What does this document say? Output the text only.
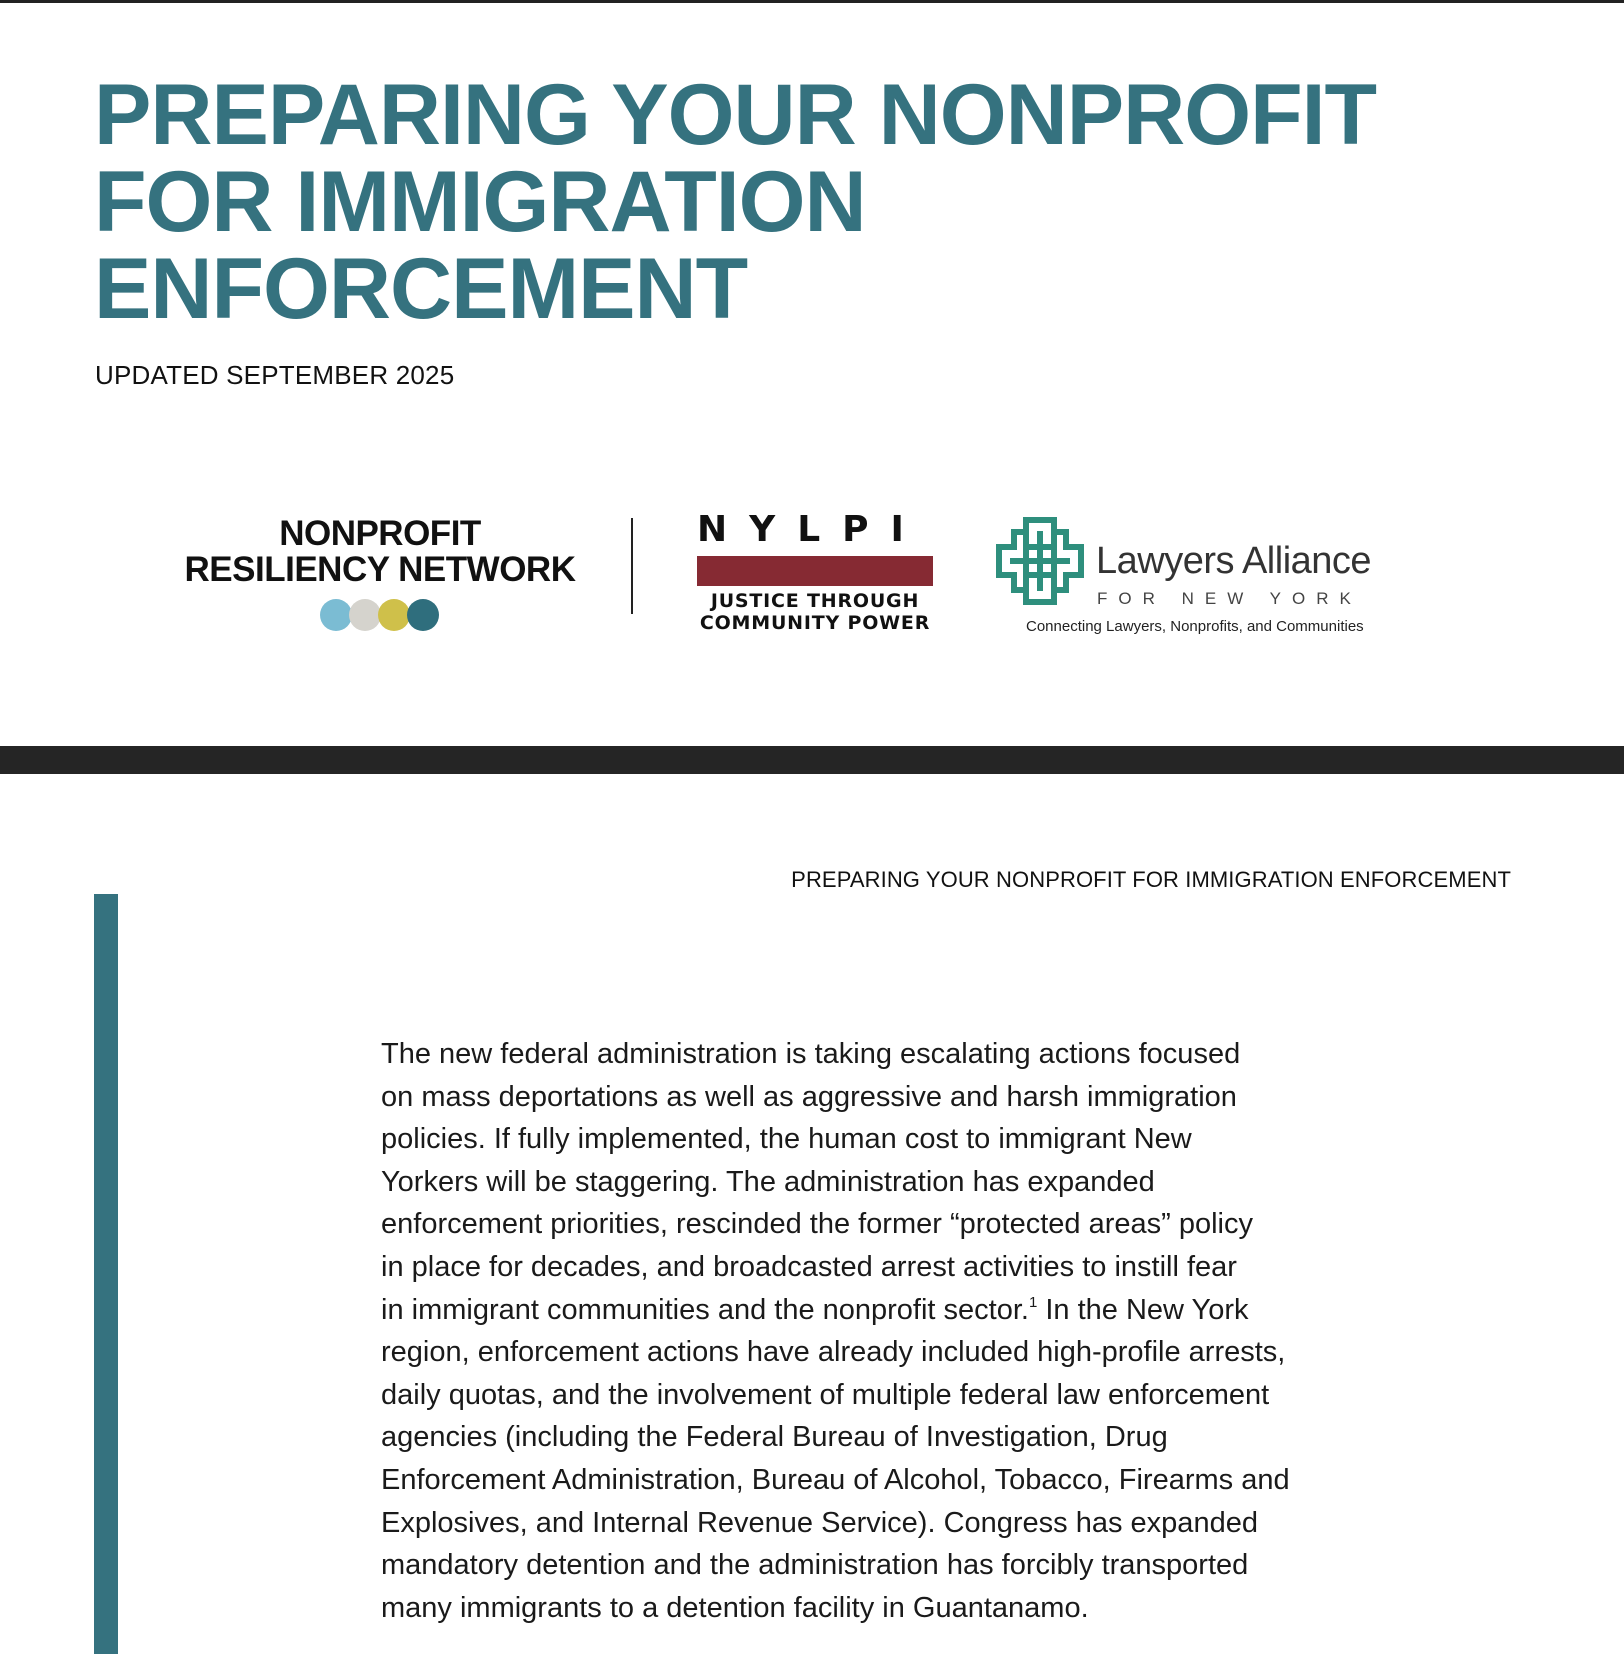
PREPARING YOUR NONPROFIT
FOR IMMIGRATION
ENFORCEMENT
UPDATED SEPTEMBER 2025
NONPROFIT
RESILIENCY NETWORK
NYLPI
JUSTICE THROUGH
COMMUNITY POWER
Lawyers Alliance
FOR NEW YORK
Connecting Lawyers, Nonprofits, and Communities
PREPARING YOUR NONPROFIT FOR IMMIGRATION ENFORCEMENT
The new federal administration is taking escalating actions focused
on mass deportations as well as aggressive and harsh immigration
policies. If fully implemented, the human cost to immigrant New
Yorkers will be staggering. The administration has expanded
enforcement priorities, rescinded the former “protected areas” policy
in place for decades, and broadcasted arrest activities to instill fear
in immigrant communities and the nonprofit sector.$^1$ In the New York
region, enforcement actions have already included high-profile arrests,
daily quotas, and the involvement of multiple federal law enforcement
agencies (including the Federal Bureau of Investigation, Drug
Enforcement Administration, Bureau of Alcohol, Tobacco, Firearms and
Explosives, and Internal Revenue Service). Congress has expanded
mandatory detention and the administration has forcibly transported
many immigrants to a detention facility in Guantanamo.
